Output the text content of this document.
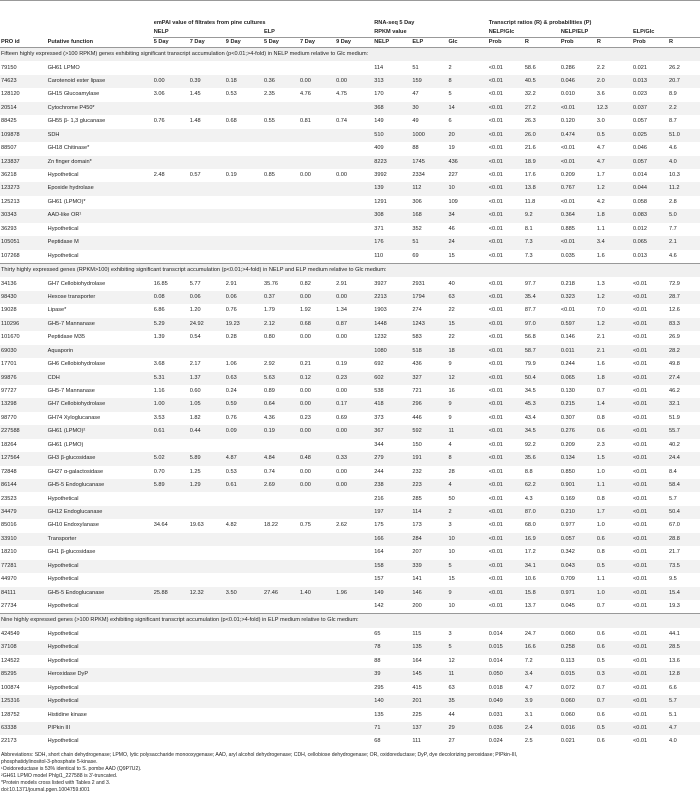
		emPAI value of filtrates from pine cultures						RNA-seq 5 Day			Transcript ratios (R) & probabilities (P)					
		NELP			ELP			RPKM value			NELP/Glc		NELP/ELP		ELP/Glc	
PRO id	Putative function	5 Day	7 Day	9 Day	5 Day	7 Day	9 Day	NELP	ELP	Glc	Prob	R	Prob	R	Prob	R
Fifteen highly expressed (>100 RPKM) genes exhibiting significant transcript accumulation (p<0.01;>4-fold) in NELP medium relative to Glc medium:																
79150	GH61 LPMO							114	51	2	<0.01	58.6	0.286	2.2	0.021	26.2
74623	Carotenoid ester lipase	0.00	0.39	0.18	0.36	0.00	0.00	313	159	8	<0.01	40.5	0.046	2.0	0.013	20.7
128120	GH15 Glucoamylase	3.06	1.45	0.53	2.35	4.76	4.75	170	47	5	<0.01	32.2	0.010	3.6	0.023	8.9
20514	Cytochrome P450*							368	30	14	<0.01	27.2	<0.01	12.3	0.037	2.2
88425	GH55 β- 1,3 glucanase	0.76	1.48	0.68	0.55	0.81	0.74	149	49	6	<0.01	26.3	0.120	3.0	0.057	8.7
109878	SDH							510	1000	20	<0.01	26.0	0.474	0.5	0.025	51.0
88507	GH18 Chitinase*							409	88	19	<0.01	21.6	<0.01	4.7	0.046	4.6
123837	Zn finger domain*							8223	1745	436	<0.01	18.9	<0.01	4.7	0.057	4.0
36218	Hypothetical	2.48	0.57	0.19	0.85	0.00	0.00	3992	2334	227	<0.01	17.6	0.209	1.7	0.014	10.3
123273	Epoxide hydrolase							139	112	10	<0.01	13.8	0.767	1.2	0.044	11.2
125213	GH61 (LPMO)*							1291	306	109	<0.01	11.8	<0.01	4.2	0.058	2.8
30343	AAD-like OR¹							308	168	34	<0.01	9.2	0.364	1.8	0.083	5.0
36293	Hypothetical							371	352	46	<0.01	8.1	0.885	1.1	0.012	7.7
105051	Peptidase M							176	51	24	<0.01	7.3	<0.01	3.4	0.065	2.1
107268	Hypothetical							110	69	15	<0.01	7.3	0.035	1.6	0.013	4.6
Thirty highly expressed genes (RPKM>100) exhibiting significant transcript accumulation (p<0.01;>4-fold) in NELP and ELP medium relative to Glc medium:																
34136	GH7 Cellobiohydrolase	16.85	5.77	2.91	35.76	0.82	2.91	3927	2931	40	<0.01	97.7	0.218	1.3	<0.01	72.9
98430	Hexose transporter	0.08	0.06	0.06	0.37	0.00	0.00	2213	1794	63	<0.01	35.4	0.323	1.2	<0.01	28.7
19028	Lipase*	6.86	1.20	0.76	1.79	1.92	1.34	1903	274	22	<0.01	87.7	<0.01	7.0	<0.01	12.6
110296	GH5-7 Mannanase	5.29	24.92	19.23	2.12	0.68	0.87	1448	1243	15	<0.01	97.0	0.597	1.2	<0.01	83.3
101670	Peptidase M35	1.39	0.54	0.28	0.80	0.00	0.00	1232	583	22	<0.01	56.8	0.146	2.1	<0.01	26.9
69030	Aquaporin							1080	518	18	<0.01	58.7	0.011	2.1	<0.01	28.2
17701	GH6 Cellobiohydrolase	3.68	2.17	1.06	2.92	0.21	0.19	692	436	9	<0.01	79.9	0.244	1.6	<0.01	49.8
99876	CDH	5.31	1.37	0.63	5.63	0.12	0.23	602	327	12	<0.01	50.4	0.065	1.8	<0.01	27.4
97727	GH5-7 Mannanase	1.16	0.60	0.24	0.89	0.00	0.00	538	721	16	<0.01	34.5	0.130	0.7	<0.01	46.2
13298	GH7 Cellobiohydrolase	1.00	1.05	0.59	0.64	0.00	0.17	418	296	9	<0.01	45.3	0.215	1.4	<0.01	32.1
98770	GH74 Xyloglucanase	3.53	1.82	0.76	4.36	0.23	0.69	373	446	9	<0.01	43.4	0.307	0.8	<0.01	51.9
227588	GH61 (LPMO)²	0.61	0.44	0.09	0.19	0.00	0.00	367	592	11	<0.01	34.5	0.276	0.6	<0.01	55.7
18264	GH61 (LPMO)							344	150	4	<0.01	92.2	0.209	2.3	<0.01	40.2
127564	GH3 β-glucosidase	5.02	5.89	4.87	4.84	0.48	0.33	279	191	8	<0.01	35.6	0.134	1.5	<0.01	24.4
72848	GH27 α-galactosidase	0.70	1.25	0.53	0.74	0.00	0.00	244	232	28	<0.01	8.8	0.850	1.0	<0.01	8.4
86144	GH5-5 Endoglucanase	5.89	1.29	0.61	2.69	0.00	0.00	238	223	4	<0.01	62.2	0.901	1.1	<0.01	58.4
23523	Hypothetical							216	285	50	<0.01	4.3	0.169	0.8	<0.01	5.7
34479	GH12 Endoglucanase							197	114	2	<0.01	87.0	0.210	1.7	<0.01	50.4
85016	GH10 Endoxylanase	34.64	19.63	4.82	18.22	0.75	2.62	175	173	3	<0.01	68.0	0.977	1.0	<0.01	67.0
33910	Transporter							166	284	10	<0.01	16.9	0.057	0.6	<0.01	28.8
18210	GH1 β-glucosidase							164	207	10	<0.01	17.2	0.342	0.8	<0.01	21.7
77281	Hypothetical							158	339	5	<0.01	34.1	0.043	0.5	<0.01	73.5
44970	Hypothetical							157	141	15	<0.01	10.6	0.709	1.1	<0.01	9.5
84111	GH5-5 Endoglucanase	25.88	12.32	3.50	27.46	1.40	1.96	149	146	9	<0.01	15.8	0.971	1.0	<0.01	15.4
27734	Hypothetical							142	200	10	<0.01	13.7	0.045	0.7	<0.01	19.3
Nine highly expressed genes (>100 RPKM) exhibiting significant transcript accumulation (p<0.01;>4-fold) in ELP medium relative to Glc medium:																
424549	Hypothetical							65	115	3	0.014	24.7	0.060	0.6	<0.01	44.1
37108	Hypothetical							78	135	5	0.015	16.6	0.258	0.6	<0.01	28.5
124522	Hypothetical							88	164	12	0.014	7.2	0.113	0.5	<0.01	13.6
85295	Heroxidase DyP							39	145	11	0.050	3.4	0.015	0.3	<0.01	12.8
100874	Hypothetical							295	415	63	0.018	4.7	0.072	0.7	<0.01	6.6
125316	Hypothetical							140	201	35	0.049	3.9	0.060	0.7	<0.01	5.7
128752	Histidine kinase							135	225	44	0.031	3.1	0.060	0.6	<0.01	5.1
63338	PIPkin III							71	137	29	0.036	2.4	0.016	0.5	<0.01	4.7
22173	Hypothetical							68	111	27	0.024	2.5	0.021	0.6	<0.01	4.0
Abbreviations: SDH, short chain dehydrogenase; LPMO, lytic polysaccharide monooxygenase; AAD, aryl alcohol dehydrogenase; CDH, cellobiose dehydrogenase; OR, oxidoreductase; DyP, dye decolorizing peroxidase; PIPkin-III,
phosphatidylinositol-3-phosphate 5-kinase.
¹Oxidoreductase is 53% identical to S. pombe AAD (Q9P7U2).
²GH61 LPMO model Phlgi1_227588 is 3'-truncated.
*Protein models cross listed with Tables 2 and 3.
doi:10.1371/journal.pgen.1004759.t001
